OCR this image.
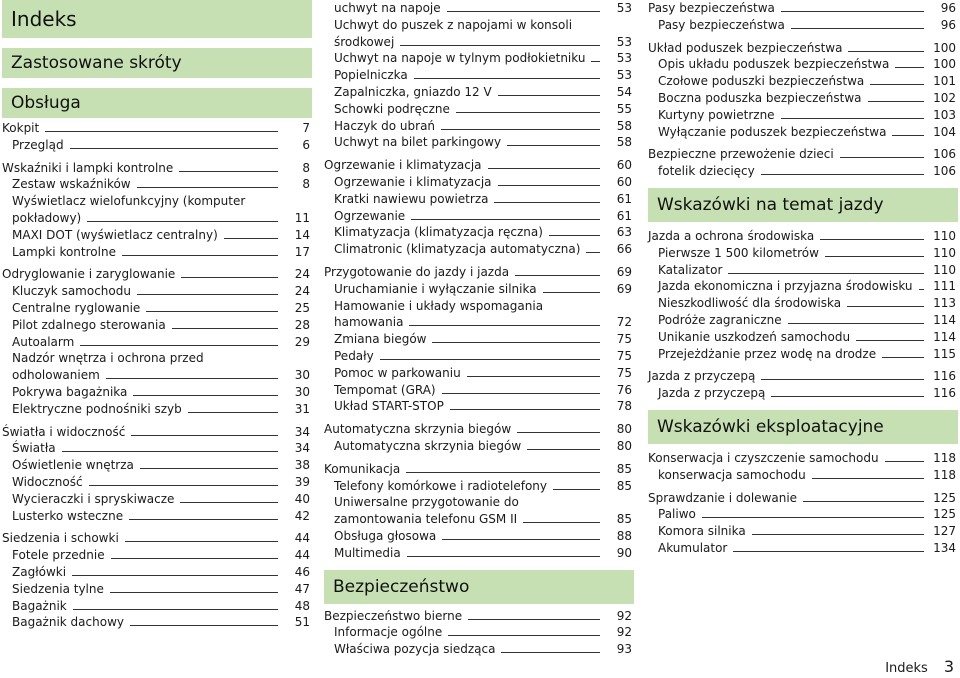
Indeks
Zastosowane skróty
Obsługa
Kokpit	7
Przegląd	6
Wskaźniki i lampki kontrolne	8
Zestaw wskaźników	8
Wyświetlacz wielofunkcyjny (komputer pokładowy)	11
MAXI DOT (wyświetlacz centralny)	14
Lampki kontrolne	17
Odryglowanie i zaryglowanie	24
Kluczyk samochodu	24
Centralne ryglowanie	25
Pilot zdalnego sterowania	28
Autoalarm	29
Nadzór wnętrza i ochrona przed odholowaniem	30
Pokrywa bagażnika	30
Elektryczne podnośniki szyb	31
Światła i widoczność	34
Światła	34
Oświetlenie wnętrza	38
Widoczność	39
Wycieraczki i spryskiwacze	40
Lusterko wsteczne	42
Siedzenia i schowki	44
Fotele przednie	44
Zagłówki	46
Siedzenia tylne	47
Bagażnik	48
Bagażnik dachowy	51
uchwyt na napoje	53
Uchwyt do puszek z napojami w konsoli środkowej	53
Uchwyt na napoje w tylnym podłokietniku	53
Popielniczka	53
Zapalniczka, gniazdo 12 V	54
Schowki podręczne	55
Haczyk do ubrań	58
Uchwyt na bilet parkingowy	58
Ogrzewanie i klimatyzacja	60
Ogrzewanie i klimatyzacja	60
Kratki nawiewu powietrza	61
Ogrzewanie	61
Klimatyzacja (klimatyzacja ręczna)	63
Climatronic (klimatyzacja automatyczna)	66
Przygotowanie do jazdy i jazda	69
Uruchamianie i wyłączanie silnika	69
Hamowanie i układy wspomagania hamowania	72
Zmiana biegów	75
Pedały	75
Pomoc w parkowaniu	75
Tempomat (GRA)	76
Układ START-STOP	78
Automatyczna skrzynia biegów	80
Automatyczna skrzynia biegów	80
Komunikacja	85
Telefony komórkowe i radiotelefony	85
Uniwersalne przygotowanie do zamontowania telefonu GSM II	85
Obsługa głosowa	88
Multimedia	90
Bezpieczeństwo
Bezpieczeństwo bierne	92
Informacje ogólne	92
Właściwa pozycja siedząca	93
Pasy bezpieczeństwa	96
Pasy bezpieczeństwa	96
Układ poduszek bezpieczeństwa	100
Opis układu poduszek bezpieczeństwa	100
Czołowe poduszki bezpieczeństwa	101
Boczna poduszka bezpieczeństwa	102
Kurtyny powietrzne	103
Wyłączanie poduszek bezpieczeństwa	104
Bezpieczne przewożenie dzieci	106
fotelik dziecięcy	106
Wskazówki na temat jazdy
Jazda a ochrona środowiska	110
Pierwsze 1 500 kilometrów	110
Katalizator	110
Jazda ekonomiczna i przyjazna środowisku 111
Nieszkodliwość dla środowiska	113
Podróże zagraniczne	114
Unikanie uszkodzeń samochodu	114
Przejeżdżanie przez wodę na drodze	115
Jazda z przyczepą	116
Jazda z przyczepą	116
Wskazówki eksploatacyjne
Konserwacja i czyszczenie samochodu	118
konserwacja samochodu	118
Sprawdzanie i dolewanie	125
Paliwo	125
Komora silnika	127
Akumulator	134
Indeks 3
